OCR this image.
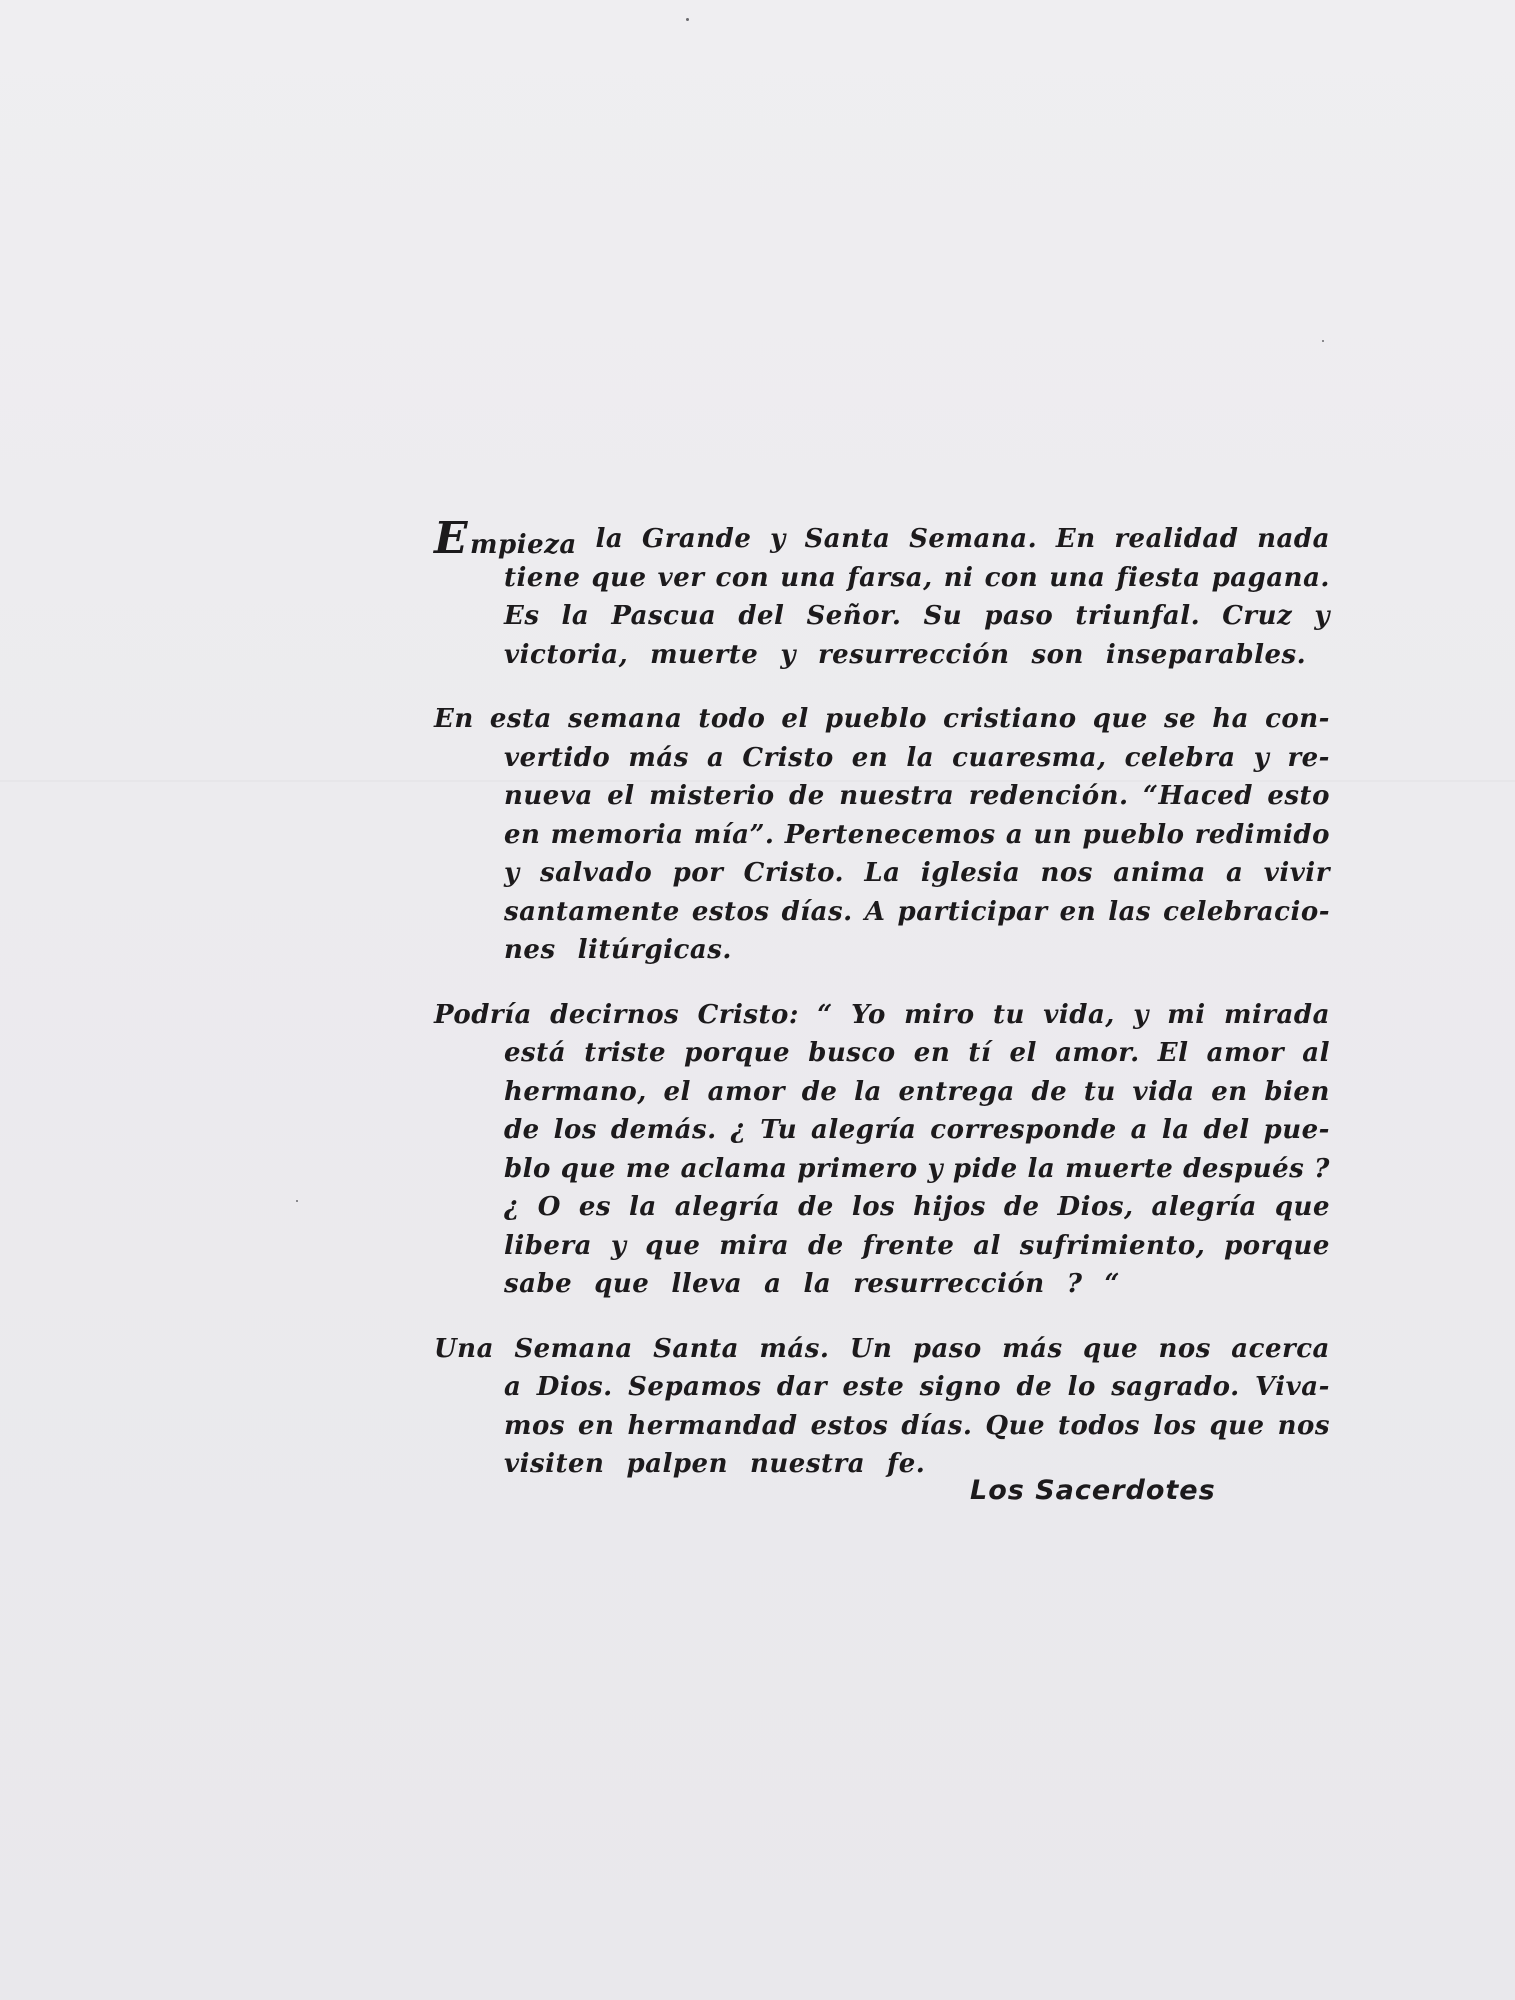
Empieza la Grande y Santa Semana. En realidad nada
tiene que ver con una farsa, ni con una fiesta pagana.
Es la Pascua del Señor. Su paso triunfal. Cruz y
victoria, muerte y resurrección son inseparables.
En esta semana todo el pueblo cristiano que se ha con-
vertido más a Cristo en la cuaresma, celebra y re-
nueva el misterio de nuestra redención. “Haced esto
en memoria mía”. Pertenecemos a un pueblo redimido
y salvado por Cristo. La iglesia nos anima a vivir
santamente estos días. A participar en las celebracio-
nes litúrgicas.
Podría decirnos Cristo: “ Yo miro tu vida, y mi mirada
está triste porque busco en tí el amor. El amor al
hermano, el amor de la entrega de tu vida en bien
de los demás. ¿ Tu alegría corresponde a la del pue-
blo que me aclama primero y pide la muerte después ?
¿ O es la alegría de los hijos de Dios, alegría que
libera y que mira de frente al sufrimiento, porque
sabe que lleva a la resurrección ? “
Una Semana Santa más. Un paso más que nos acerca
a Dios. Sepamos dar este signo de lo sagrado. Viva-
mos en hermandad estos días. Que todos los que nos
visiten palpen nuestra fe.
Los Sacerdotes
